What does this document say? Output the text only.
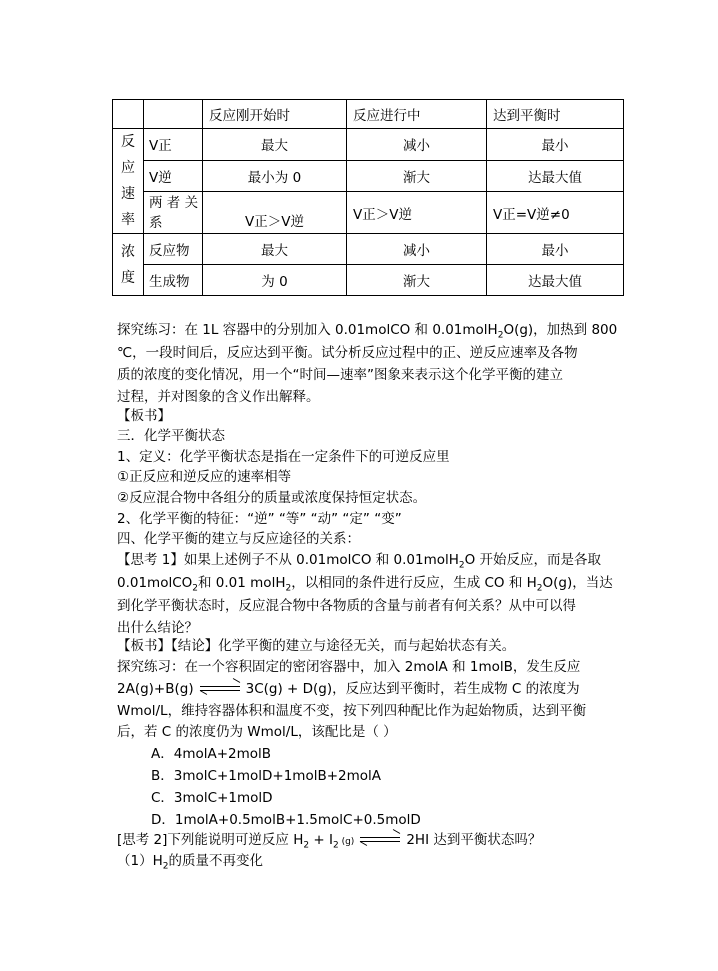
		反应刚开始时	反应进行中	达到平衡时

反
应
速
率	V正	最大	减小	最小
	V逆	最小为 0	渐大	达最大值

	两 者 关
系	V正＞V逆	V正＞V逆	V正=V逆≠0

浓
度	反应物	最大	减小	最小
	生成物	为 0	渐大	达最大值
探究练习：在 1L 容器中的分别加入 0.01molCO 和 0.01molH$_2$O(g)，加热到 800
℃，一段时间后，反应达到平衡。试分析反应过程中的正、逆反应速率及各物
质的浓度的变化情况，用一个“时间—速率”图象来表示这个化学平衡的建立
过程，并对图象的含义作出解释。
【板书】
三．化学平衡状态
1、定义：化学平衡状态是指在一定条件下的可逆反应里
①正反应和逆反应的速率相等
②反应混合物中各组分的质量或浓度保持恒定状态。
2、化学平衡的特征：“逆” “等” “动” “定” “变”
四、化学平衡的建立与反应途径的关系：
【思考 1】如果上述例子不从 0.01molCO 和 0.01molH$_2$O 开始反应，而是各取
0.01molCO$_2$和 0.01 molH$_2$，以相同的条件进行反应，生成 CO 和 $H_2O(g)$，当达
到化学平衡状态时，反应混合物中各物质的含量与前者有何关系？从中可以得
出什么结论？
【板书】【结论】化学平衡的建立与途径无关，而与起始状态有关。
探究练习：在一个容积固定的密闭容器中，加入 2molA 和 1molB，发生反应
2A(g)+B(g) ⇌ 3C(g) + D(g)，反应达到平衡时，若生成物 C 的浓度为
Wmol/L，维持容器体积和温度不变，按下列四种配比作为起始物质，达到平衡
后，若 C 的浓度仍为 Wmol/L，该配比是（ ）
A．4molA+2molB
B．3molC+1molD+1molB+2molA
C．3molC+1molD
D．1molA+0.5molB+1.5molC+0.5molD
[思考 2]下列能说明可逆反应 $H_2 + I_2$ (g) ⇌ 2HI 达到平衡状态吗？
$(1)H_2$的质量不再变化
